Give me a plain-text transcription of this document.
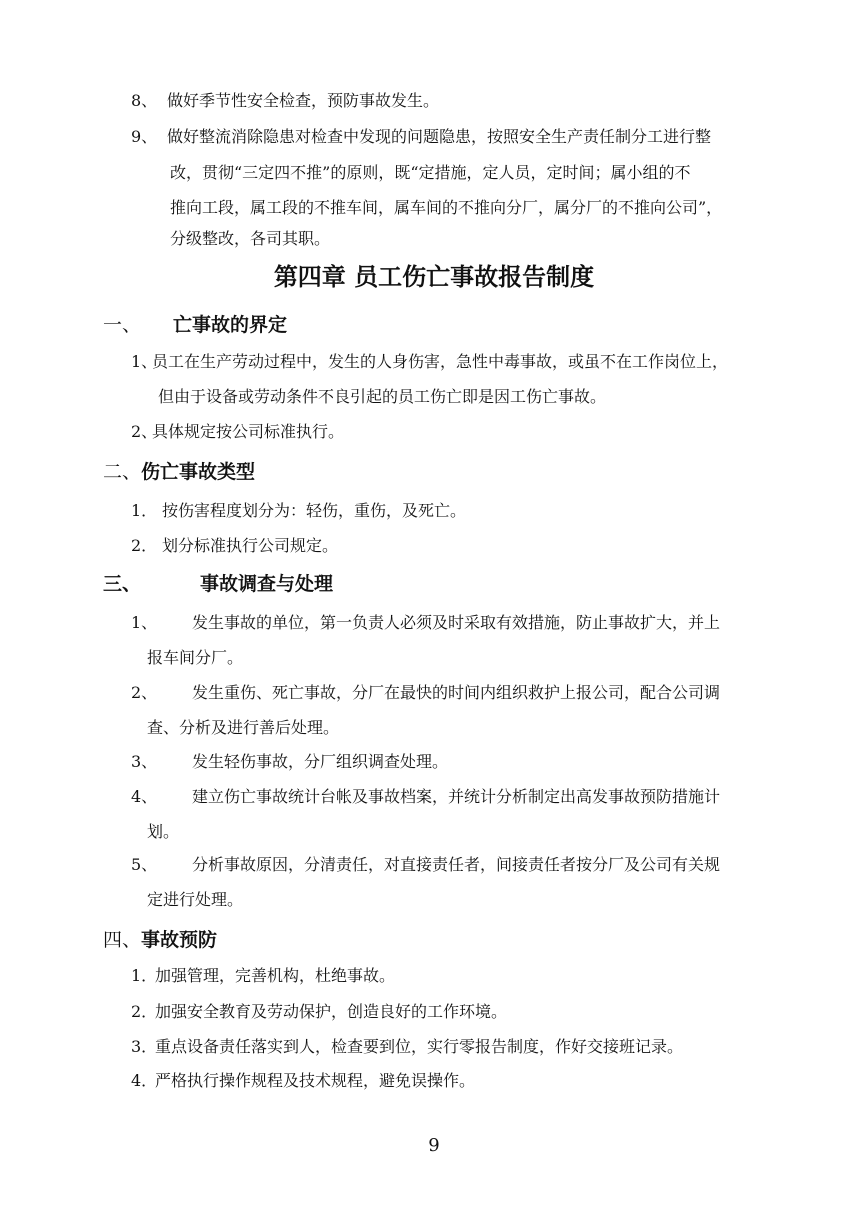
8、 做好季节性安全检查，预防事故发生。
9、 做好整流消除隐患对检查中发现的问题隐患，按照安全生产责任制分工进行整
改，贯彻“三定四不推”的原则，既“定措施，定人员，定时间；属小组的不
推向工段，属工段的不推车间，属车间的不推向分厂，属分厂的不推向公司”，
分级整改，各司其职。
第四章 员工伤亡事故报告制度
一、 亡事故的界定
1、
员工在生产劳动过程中，发生的人身伤害，急性中毒事故，或虽不在工作岗位上，
但由于设备或劳动条件不良引起的员工伤亡即是因工伤亡事故。
2、
具体规定按公司标准执行。
二、伤亡事故类型
1． 按伤害程度划分为：轻伤，重伤，及死亡。
2． 划分标准执行公司规定。
三、	事故调查与处理
1、 发生事故的单位，第一负责人必须及时采取有效措施，防止事故扩大，并上
报车间分厂。
2、 发生重伤、死亡事故，分厂在最快的时间内组织救护上报公司，配合公司调
查、分析及进行善后处理。
3、 发生轻伤事故，分厂组织调查处理。
4、 建立伤亡事故统计台帐及事故档案，并统计分析制定出高发事故预防措施计
划。
5、 分析事故原因，分清责任，对直接责任者，间接责任者按分厂及公司有关规
定进行处理。
四、事故预防
1．
加强管理，完善机构，杜绝事故。
2．
加强安全教育及劳动保护，创造良好的工作环境。
3．
重点设备责任落实到人，检查要到位，实行零报告制度，作好交接班记录。
4．
严格执行操作规程及技术规程，避免误操作。
9
